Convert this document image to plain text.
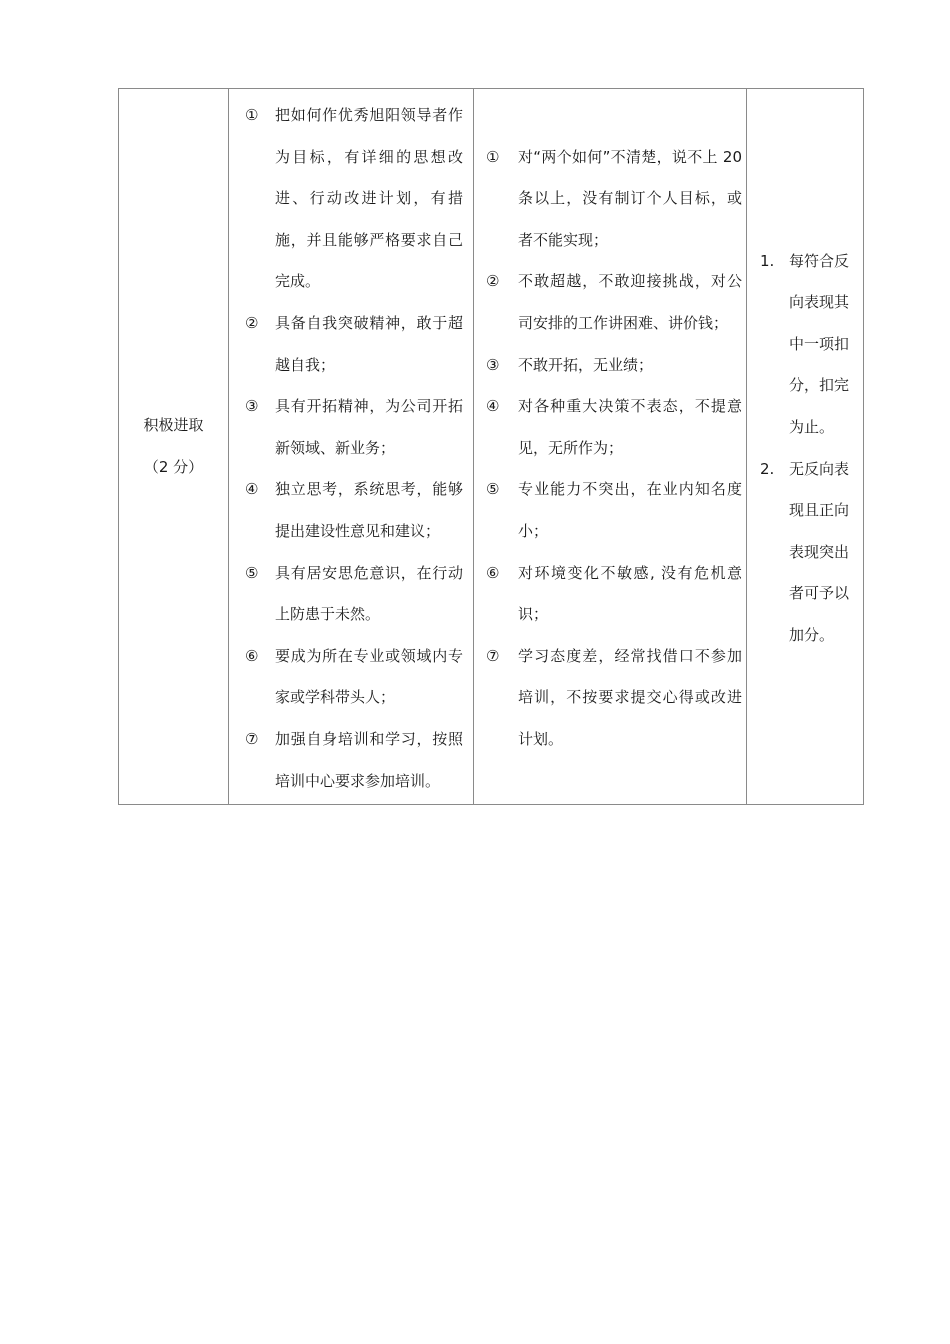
积极进取
（2 分）

①	把如何作优秀旭阳领导者作为目标，有详细的思想改进、行动改进计划，有措施，并且能够严格要求自己完成。
②	具备自我突破精神，敢于超越自我；
③	具有开拓精神，为公司开拓新领域、新业务；
④	独立思考，系统思考，能够提出建设性意见和建议；
⑤	具有居安思危意识，在行动上防患于未然。
⑥	要成为所在专业或领域内专家或学科带头人；
⑦	加强自身培训和学习，按照培训中心要求参加培训。

①	对“两个如何”不清楚，说不上 20 条以上，没有制订个人目标，或者不能实现；
②	不敢超越，不敢迎接挑战，对公司安排的工作讲困难、讲价钱；
③	不敢开拓，无业绩；
④	对各种重大决策不表态，不提意见，无所作为；
⑤	专业能力不突出，在业内知名度小；
⑥	对环境变化不敏感, 没有危机意识；
⑦	学习态度差，经常找借口不参加培训，不按要求提交心得或改进计划。

1. 每符合反向表现其中一项扣分，扣完为止。
2. 无反向表现且正向表现突出者可予以加分。
